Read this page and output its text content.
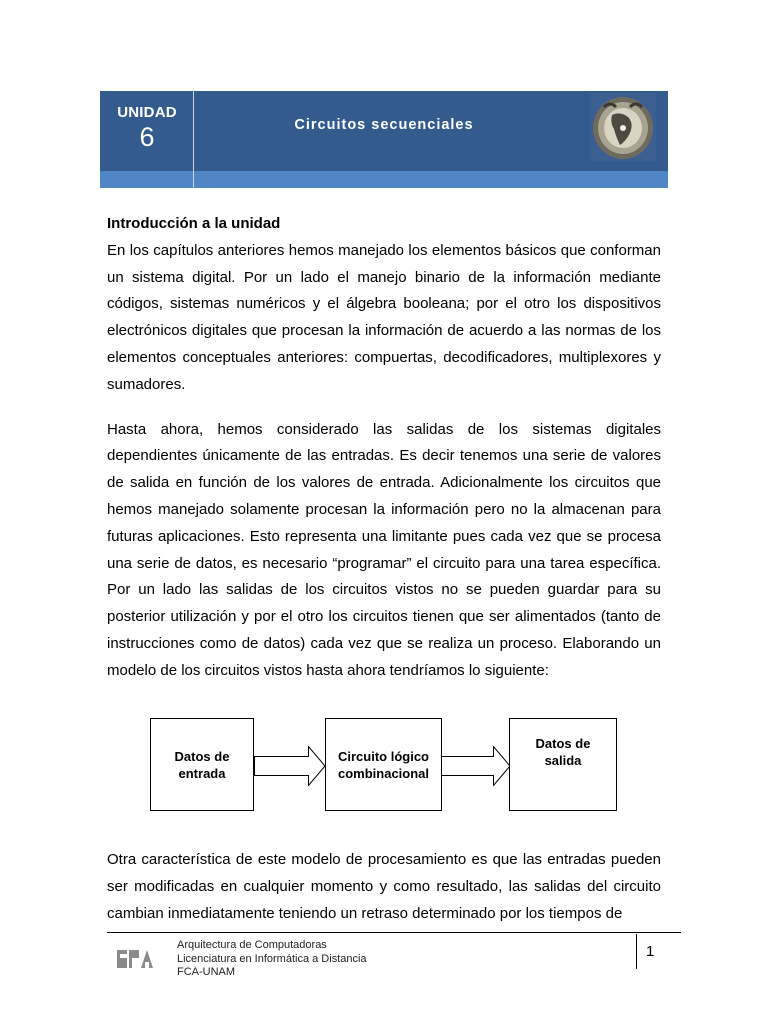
UNIDAD
6	Circuitos secuenciales

Introducción a la unidad

En los capítulos anteriores hemos manejado los elementos básicos que conforman un sistema digital. Por un lado el manejo binario de la información mediante códigos, sistemas numéricos y el álgebra booleana; por el otro los dispositivos electrónicos digitales que procesan la información de acuerdo a las normas de los elementos conceptuales anteriores: compuertas, decodificadores, multiplexores y sumadores.

Hasta ahora, hemos considerado las salidas de los sistemas digitales dependientes únicamente de las entradas. Es decir tenemos una serie de valores de salida en función de los valores de entrada. Adicionalmente los circuitos que hemos manejado solamente procesan la información pero no la almacenan para futuras aplicaciones. Esto representa una limitante pues cada vez que se procesa una serie de datos, es necesario “programar” el circuito para una tarea específica. Por un lado las salidas de los circuitos vistos no se pueden guardar para su posterior utilización y por el otro los circuitos tienen que ser alimentados (tanto de instrucciones como de datos) cada vez que se realiza un proceso. Elaborando un modelo de los circuitos vistos hasta ahora tendríamos lo siguiente:

Datos de
entrada
Circuito lógico
combinacional
Datos de
salida

Otra característica de este modelo de procesamiento es que las entradas pueden ser modificadas en cualquier momento y como resultado, las salidas del circuito cambian inmediatamente teniendo un retraso determinado por los tiempos de

Arquitectura de Computadoras
Licenciatura en Informática a Distancia
FCA-UNAM
1
